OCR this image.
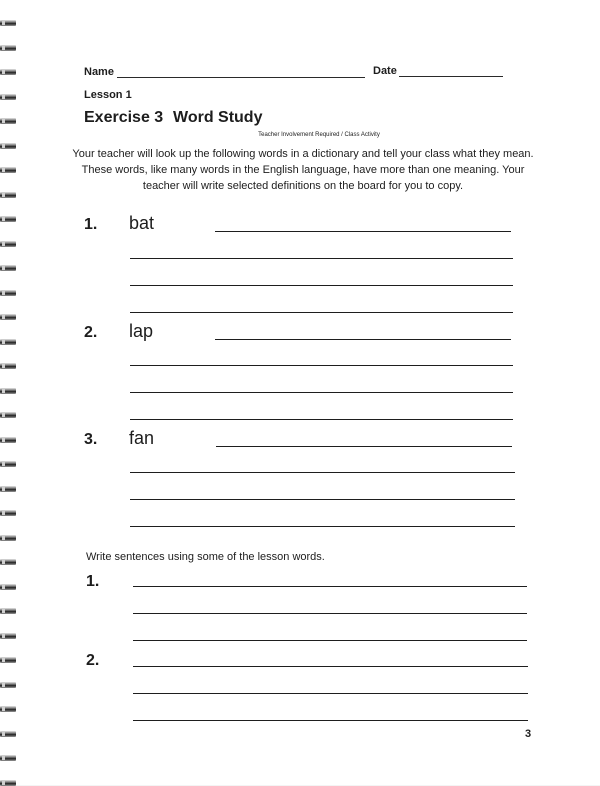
Name	Date
Lesson 1
Exercise 3 Word Study
Teacher Involvement Required / Class Activity
Your teacher will look up the following words in a dictionary and tell your class what they mean. These words, like many words in the English language, have more than one meaning. Your teacher will write selected definitions on the board for you to copy.
1. bat
2. lap
3. fan
Write sentences using some of the lesson words.
1.
2.
3
